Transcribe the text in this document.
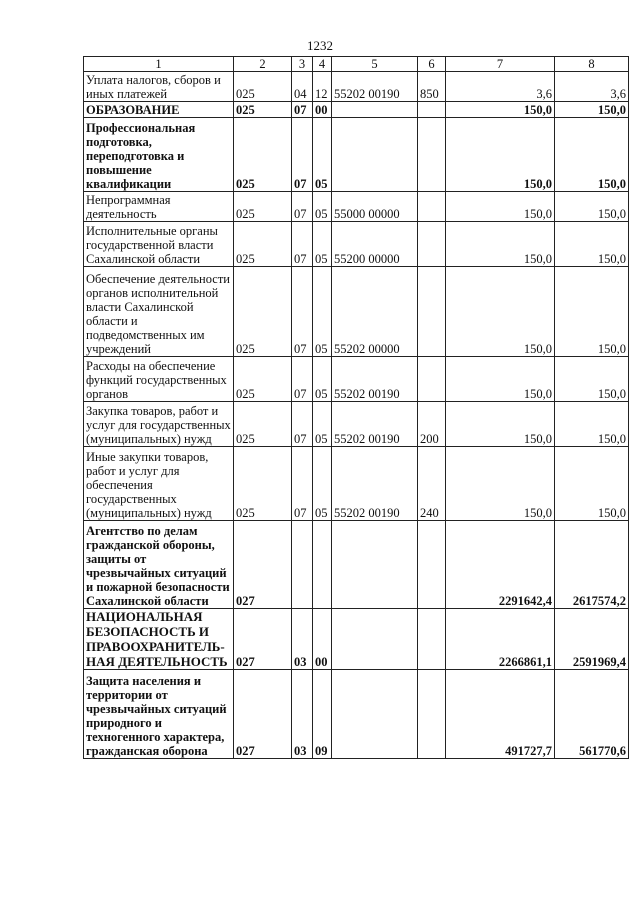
1232
1	2	3	4	5	6	7	8
Уплата налогов, сборов и иных платежей	025	04	12	55202 00190	850	3,6	3,6
ОБРАЗОВАНИЕ	025	07	00			150,0	150,0
Профессиональная подготовка, переподготовка и повышение квалификации	025	07	05			150,0	150,0
Непрограммная деятельность	025	07	05	55000 00000		150,0	150,0
Исполнительные органы государственной власти Сахалинской области	025	07	05	55200 00000		150,0	150,0
Обеспечение деятельности органов исполнительной власти Сахалинской области и подведомственных им учреждений	025	07	05	55202 00000		150,0	150,0
Расходы на обеспечение функций государственных органов	025	07	05	55202 00190		150,0	150,0
Закупка товаров, работ и услуг для государственных (муниципальных) нужд	025	07	05	55202 00190	200	150,0	150,0
Иные закупки товаров, работ и услуг для обеспечения государственных (муниципальных) нужд	025	07	05	55202 00190	240	150,0	150,0
Агентство по делам гражданской обороны, защиты от чрезвычайных ситуаций и пожарной безопасности Сахалинской области	027					2291642,4	2617574,2
НАЦИОНАЛЬНАЯ БЕЗОПАСНОСТЬ И ПРАВООХРАНИТЕЛЬ-НАЯ ДЕЯТЕЛЬНОСТЬ	027	03	00			2266861,1	2591969,4
Защита населения и территории от чрезвычайных ситуаций природного и техногенного характера, гражданская оборона	027	03	09			491727,7	561770,6
